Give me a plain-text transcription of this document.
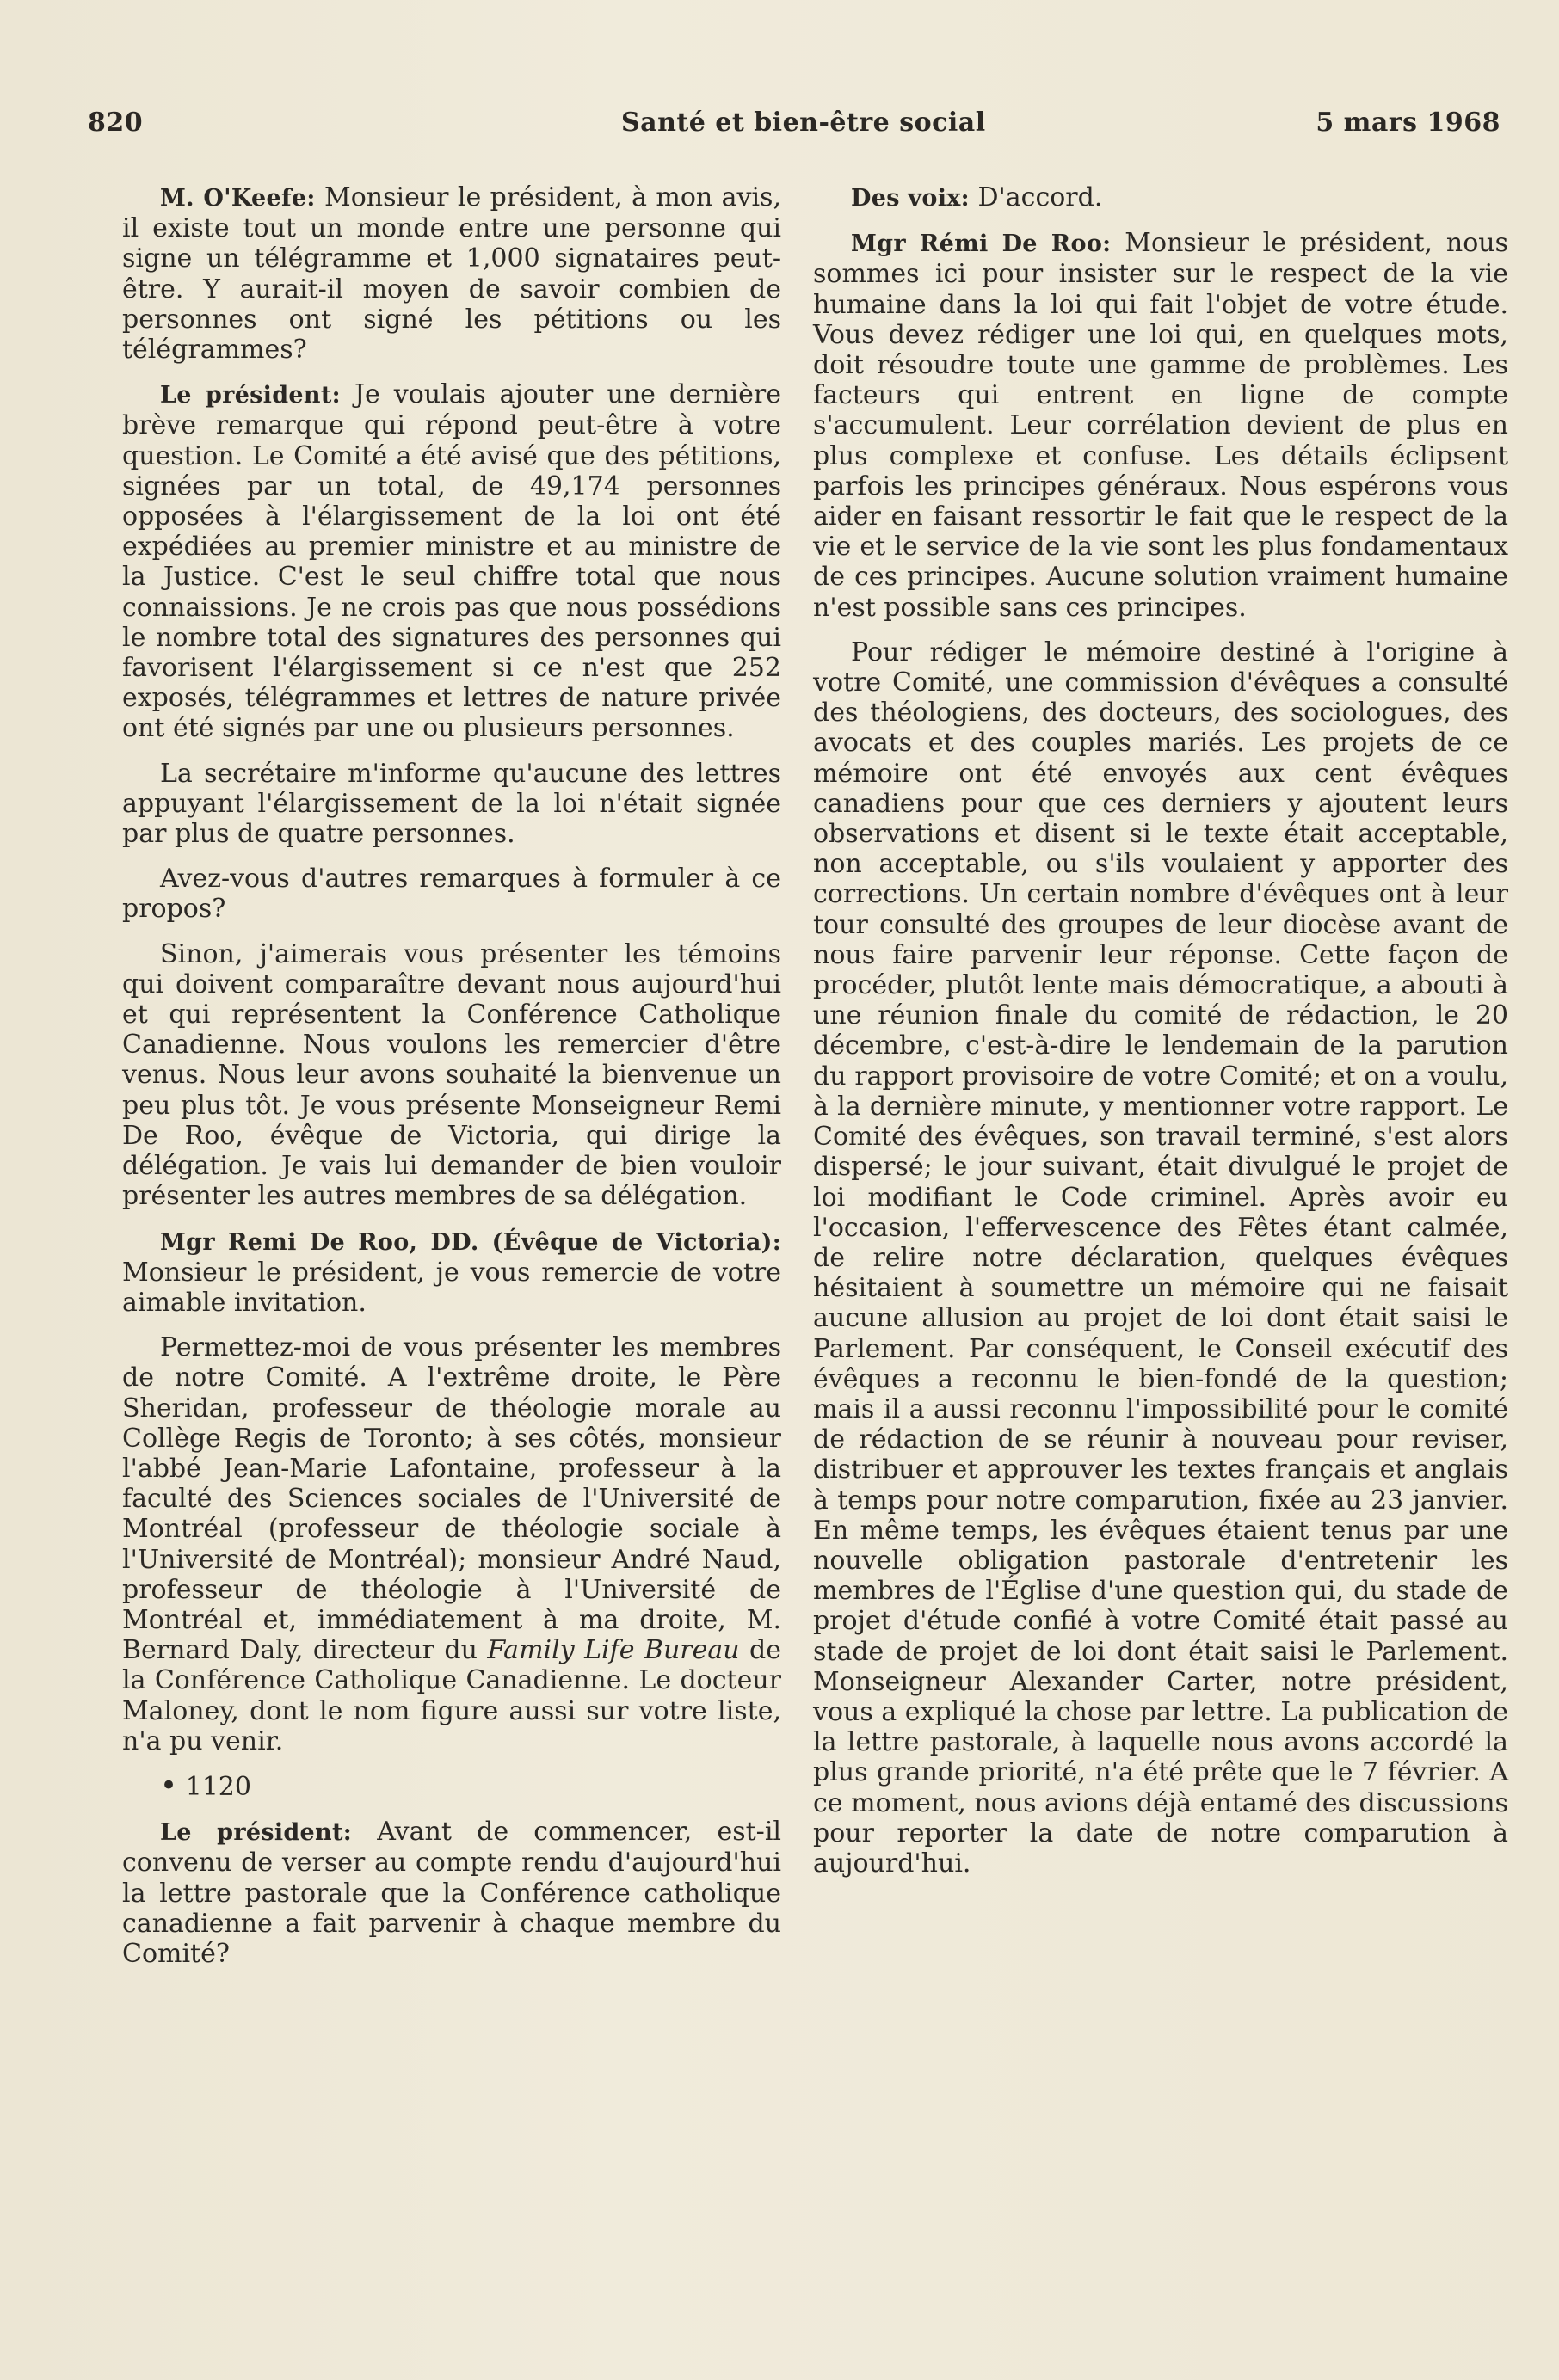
820	Santé et bien-être social	5 mars 1968

M. O'Keefe: Monsieur le président, à mon avis, il existe tout un monde entre une personne qui signe un télégramme et 1,000 signataires peut-être. Y aurait-il moyen de savoir combien de personnes ont signé les pétitions ou les télégrammes?

Le président: Je voulais ajouter une dernière brève remarque qui répond peut-être à votre question. Le Comité a été avisé que des pétitions, signées par un total, de 49,174 personnes opposées à l'élargissement de la loi ont été expédiées au premier ministre et au ministre de la Justice. C'est le seul chiffre total que nous connaissions. Je ne crois pas que nous possédions le nombre total des signatures des personnes qui favorisent l'élargissement si ce n'est que 252 exposés, télégrammes et lettres de nature privée ont été signés par une ou plusieurs personnes.

La secrétaire m'informe qu'aucune des lettres appuyant l'élargissement de la loi n'était signée par plus de quatre personnes.

Avez-vous d'autres remarques à formuler à ce propos?

Sinon, j'aimerais vous présenter les témoins qui doivent comparaître devant nous aujourd'hui et qui représentent la Conférence Catholique Canadienne. Nous voulons les remercier d'être venus. Nous leur avons souhaité la bienvenue un peu plus tôt. Je vous présente Monseigneur Remi De Roo, évêque de Victoria, qui dirige la délégation. Je vais lui demander de bien vouloir présenter les autres membres de sa délégation.

Mgr Remi De Roo, DD. (Évêque de Victoria): Monsieur le président, je vous remercie de votre aimable invitation.

Permettez-moi de vous présenter les membres de notre Comité. A l'extrême droite, le Père Sheridan, professeur de théologie morale au Collège Regis de Toronto; à ses côtés, monsieur l'abbé Jean-Marie Lafontaine, professeur à la faculté des Sciences sociales de l'Université de Montréal (professeur de théologie sociale à l'Université de Montréal); monsieur André Naud, professeur de théologie à l'Université de Montréal et, immédiatement à ma droite, M. Bernard Daly, directeur du Family Life Bureau de la Conférence Catholique Canadienne. Le docteur Maloney, dont le nom figure aussi sur votre liste, n'a pu venir.

• 1120

Le président: Avant de commencer, est-il convenu de verser au compte rendu d'aujourd'hui la lettre pastorale que la Conférence catholique canadienne a fait parvenir à chaque membre du Comité?

Des voix: D'accord.

Mgr Rémi De Roo: Monsieur le président, nous sommes ici pour insister sur le respect de la vie humaine dans la loi qui fait l'objet de votre étude. Vous devez rédiger une loi qui, en quelques mots, doit résoudre toute une gamme de problèmes. Les facteurs qui entrent en ligne de compte s'accumulent. Leur corrélation devient de plus en plus complexe et confuse. Les détails éclipsent parfois les principes généraux. Nous espérons vous aider en faisant ressortir le fait que le respect de la vie et le service de la vie sont les plus fondamentaux de ces principes. Aucune solution vraiment humaine n'est possible sans ces principes.

Pour rédiger le mémoire destiné à l'origine à votre Comité, une commission d'évêques a consulté des théologiens, des docteurs, des sociologues, des avocats et des couples mariés. Les projets de ce mémoire ont été envoyés aux cent évêques canadiens pour que ces derniers y ajoutent leurs observations et disent si le texte était acceptable, non acceptable, ou s'ils voulaient y apporter des corrections. Un certain nombre d'évêques ont à leur tour consulté des groupes de leur diocèse avant de nous faire parvenir leur réponse. Cette façon de procéder, plutôt lente mais démocratique, a abouti à une réunion finale du comité de rédaction, le 20 décembre, c'est-à-dire le lendemain de la parution du rapport provisoire de votre Comité; et on a voulu, à la dernière minute, y mentionner votre rapport. Le Comité des évêques, son travail terminé, s'est alors dispersé; le jour suivant, était divulgué le projet de loi modifiant le Code criminel. Après avoir eu l'occasion, l'effervescence des Fêtes étant calmée, de relire notre déclaration, quelques évêques hésitaient à soumettre un mémoire qui ne faisait aucune allusion au projet de loi dont était saisi le Parlement. Par conséquent, le Conseil exécutif des évêques a reconnu le bien-fondé de la question; mais il a aussi reconnu l'impossibilité pour le comité de rédaction de se réunir à nouveau pour reviser, distribuer et approuver les textes français et anglais à temps pour notre comparution, fixée au 23 janvier. En même temps, les évêques étaient tenus par une nouvelle obligation pastorale d'entretenir les membres de l'Église d'une question qui, du stade de projet d'étude confié à votre Comité était passé au stade de projet de loi dont était saisi le Parlement. Monseigneur Alexander Carter, notre président, vous a expliqué la chose par lettre. La publication de la lettre pastorale, à laquelle nous avons accordé la plus grande priorité, n'a été prête que le 7 février. A ce moment, nous avions déjà entamé des discussions pour reporter la date de notre comparution à aujourd'hui.
